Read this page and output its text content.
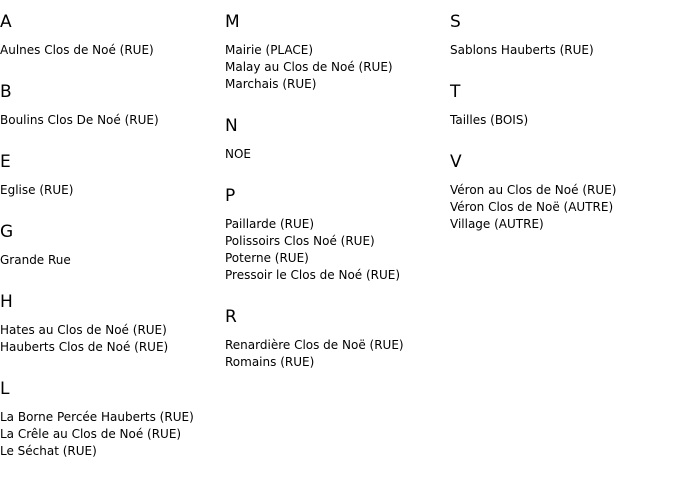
A
Aulnes Clos de Noé (RUE)
B
Boulins Clos De Noé (RUE)
E
Eglise (RUE)
G
Grande Rue
H
Hates au Clos de Noé (RUE)
Hauberts Clos de Noé (RUE)
L
La Borne Percée Hauberts (RUE)
La Crêle au Clos de Noé (RUE)
Le Séchat (RUE)
M
Mairie (PLACE)
Malay au Clos de Noé (RUE)
Marchais (RUE)
N
NOE
P
Paillarde (RUE)
Polissoirs Clos Noé (RUE)
Poterne (RUE)
Pressoir le Clos de Noé (RUE)
R
Renardière Clos de Noë (RUE)
Romains (RUE)
S
Sablons Hauberts (RUE)
T
Tailles (BOIS)
V
Véron au Clos de Noé (RUE)
Véron Clos de Noë (AUTRE)
Village (AUTRE)
